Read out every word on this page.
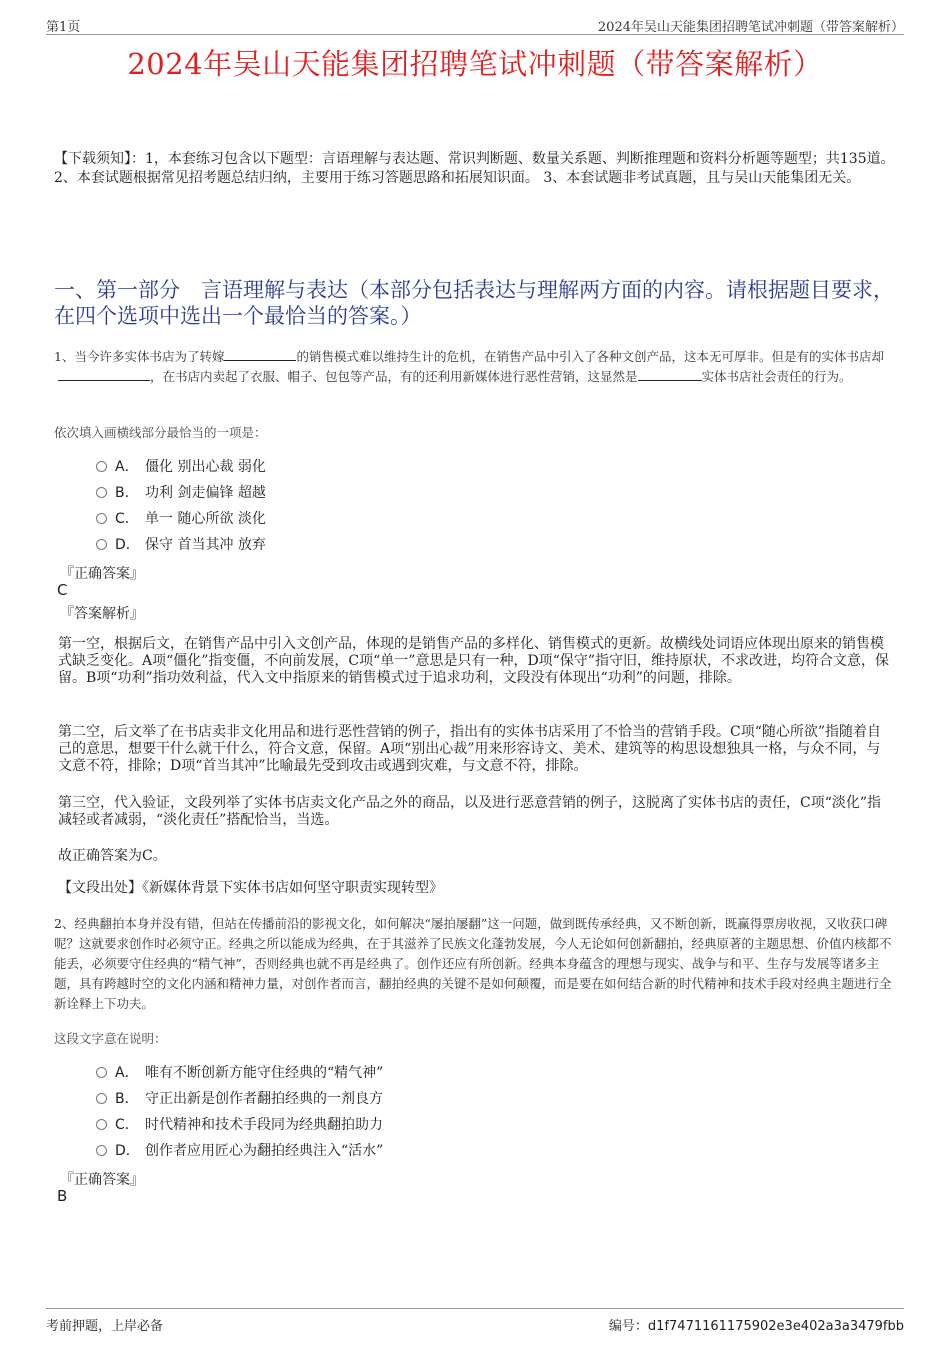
第1页	2024年吴山天能集团招聘笔试冲刺题（带答案解析）
2024年吴山天能集团招聘笔试冲刺题（带答案解析）
【下载须知】：1，本套练习包含以下题型：言语理解与表达题、常识判断题、数量关系题、判断推理题和资料分析题等题型；共135道。 2、本套试题根据常见招考题总结归纳，主要用于练习答题思路和拓展知识面。 3、本套试题非考试真题，且与吴山天能集团无关。
一、第一部分　言语理解与表达（本部分包括表达与理解两方面的内容。请根据题目要求，在四个选项中选出一个最恰当的答案。）
1、当今许多实体书店为了转嫁	的销售模式难以维持生计的危机，在销售产品中引入了各种文创产品，这本无可厚非。但是有的实体书店却，在书店内卖起了衣服、帽子、包包等产品，有的还利用新媒体进行恶性营销，这显然是	实体书店社会责任的行为。
依次填入画横线部分最恰当的一项是：
A． 僵化 别出心裁 弱化
B． 功利 剑走偏锋 超越
C． 单一 随心所欲 淡化
D． 保守 首当其冲 放弃
『正确答案』
C
『答案解析』
第一空，根据后文，在销售产品中引入文创产品，体现的是销售产品的多样化、销售模式的更新。故横线处词语应体现出原来的销售模式缺乏变化。A项“僵化”指变僵，不向前发展，C项“单一”意思是只有一种，D项“保守”指守旧，维持原状，不求改进，均符合文意，保留。B项“功利”指功效利益，代入文中指原来的销售模式过于追求功利，文段没有体现出“功利”的问题，排除。
第二空，后文举了在书店卖非文化用品和进行恶性营销的例子，指出有的实体书店采用了不恰当的营销手段。C项“随心所欲”指随着自己的意思，想要干什么就干什么，符合文意，保留。A项“别出心裁”用来形容诗文、美术、建筑等的构思设想独具一格，与众不同，与文意不符，排除；D项“首当其冲”比喻最先受到攻击或遇到灾难，与文意不符，排除。
第三空，代入验证，文段列举了实体书店卖文化产品之外的商品，以及进行恶意营销的例子，这脱离了实体书店的责任，C项“淡化”指减轻或者减弱，“淡化责任”搭配恰当，当选。
故正确答案为C。
【文段出处】《新媒体背景下实体书店如何坚守职责实现转型》
2、经典翻拍本身并没有错，但站在传播前沿的影视文化，如何解决“屡拍屡翻”这一问题，做到既传承经典，又不断创新，既赢得票房收视，又收获口碑呢？这就要求创作时必须守正。经典之所以能成为经典，在于其滋养了民族文化蓬勃发展，今人无论如何创新翻拍，经典原著的主题思想、价值内核都不能丢，必须要守住经典的“精气神”，否则经典也就不再是经典了。创作还应有所创新。经典本身蕴含的理想与现实、战争与和平、生存与发展等诸多主题，具有跨越时空的文化内涵和精神力量，对创作者而言，翻拍经典的关键不是如何颠覆，而是要在如何结合新的时代精神和技术手段对经典主题进行全新诠释上下功夫。
这段文字意在说明：
A． 唯有不断创新方能守住经典的“精气神”
B． 守正出新是创作者翻拍经典的一剂良方
C． 时代精神和技术手段同为经典翻拍助力
D． 创作者应用匠心为翻拍经典注入“活水”
『正确答案』
B
考前押题，上岸必备	编号：d1f7471161175902e3e402a3a3479fbb
